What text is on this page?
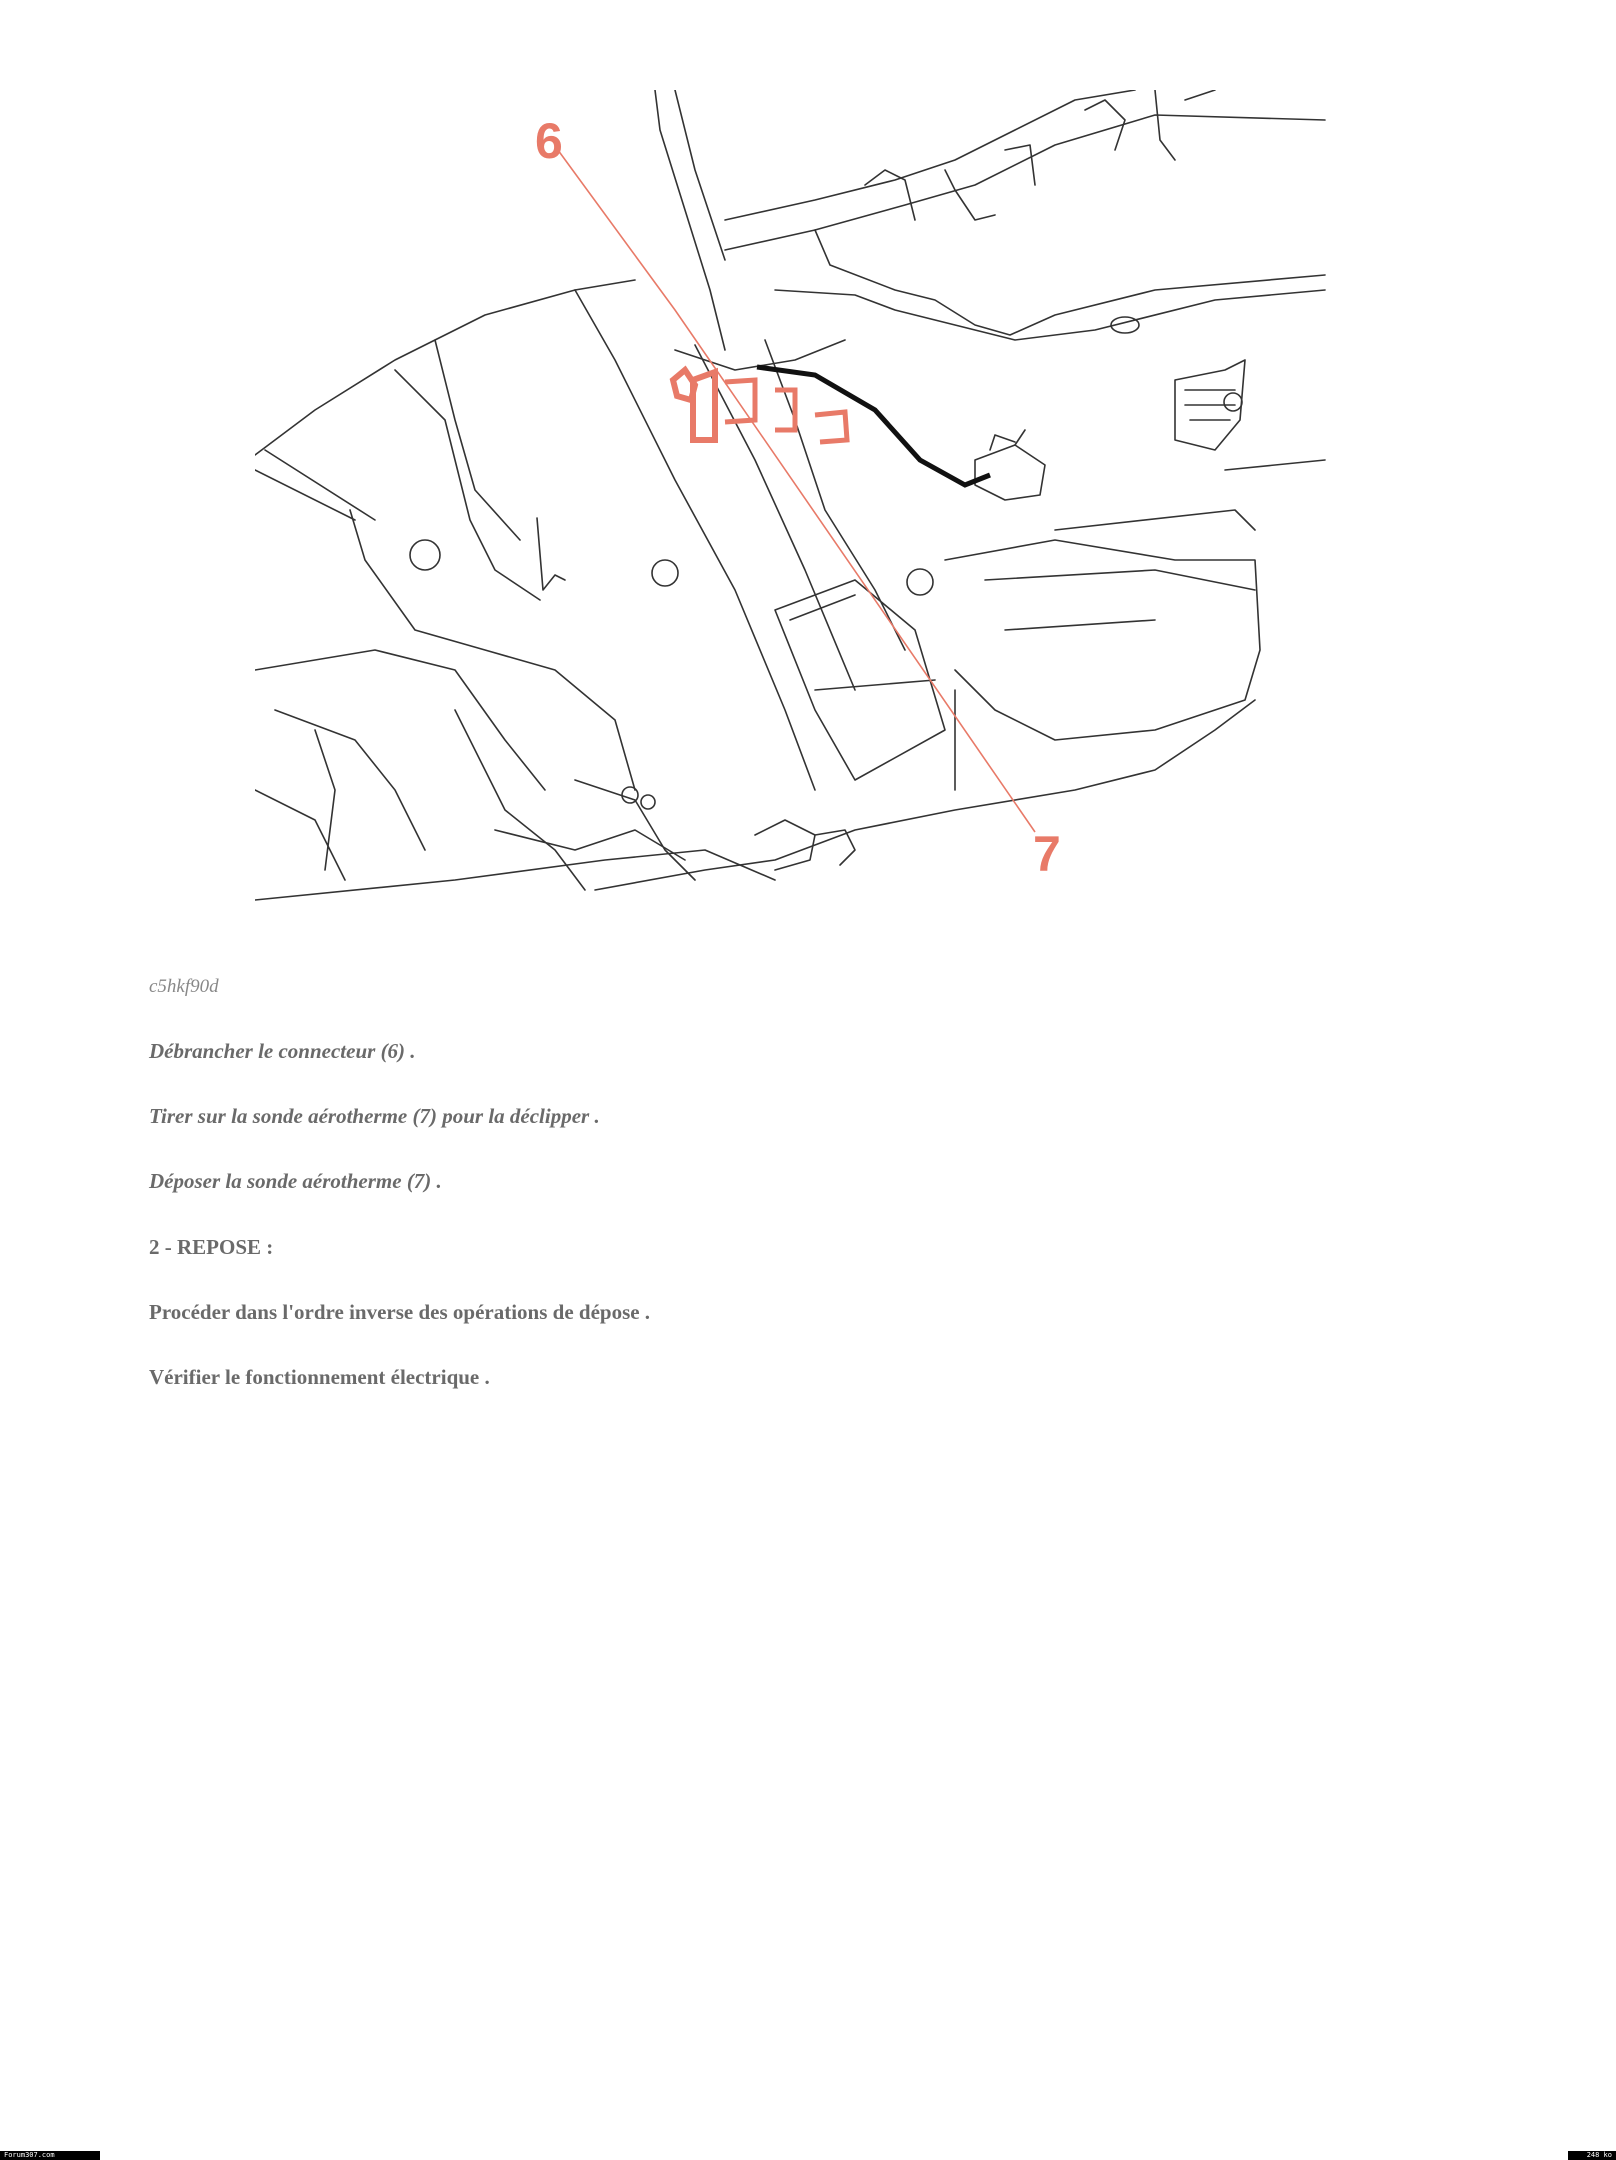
6
7
c5hkf90d
Débrancher le connecteur (6) .
Tirer sur la sonde aérotherme (7) pour la déclipper .
Déposer la sonde aérotherme (7) .
2 - REPOSE :
Procéder dans l'ordre inverse des opérations de dépose .
Vérifier le fonctionnement électrique .
Forum307.com	248 ko
